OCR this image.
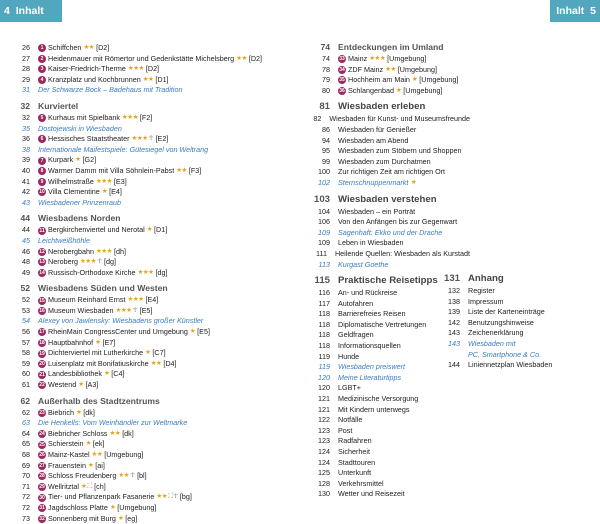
4 Inhalt	Inhalt 5
26	1 Schiffchen ★★ [D2]
27	2 Heidenmauer mit Römertor und Gedenkstätte Michelsberg ★★ [D2]
28	3 Kaiser-Friedrich-Therme ★★★ [D2]
29	4 Kranzplatz und Kochbrunnen ★★ [D1]
31	Der Schwarze Bock – Badehaus mit Tradition
32 Kurviertel
32	5 Kurhaus mit Spielbank ★★★ [F2]
35	Dostojewski in Wiesbaden
36	6 Hessisches Staatstheater ★★★ ☥ [E2]
38	Internationale Maifestspiele: Gütesiegel von Weltrang
39	7 Kurpark ★ [G2]
40	8 Warmer Damm mit Villa Söhnlein-Pabst ★★ [F3]
41	9 Wilhelmstraße ★★★ [E3]
42	10 Villa Clementine ★ [E4]
43	Wiesbadener Prinzenraub
44 Wiesbadens Norden
44	11 Bergkirchenviertel und Nerotal ★ [D1]
45	Leichtweißhöhle
46	12 Nerobergbahn ★★★ [dh]
48	13 Neroberg ★★★ ☥ [dg]
49	14 Russisch-Orthodoxe Kirche ★★★ [dg]
52 Wiesbadens Süden und Westen
52	15 Museum Reinhard Ernst ★★★ [E4]
53	16 Museum Wiesbaden ★★★ ☥ [E5]
54	Alexey von Jawlensky: Wiesbadens großer Künstler
56	17 RheinMain CongressCenter und Umgebung ★ [E5]
57	18 Hauptbahnhof ★ [E7]
58	19 Dichterviertel mit Lutherkirche ★ [C7]
59	20 Luisenplatz mit Bonifatiuskirche ★★ [D4]
60	21 Landesbibliothek ★ [C4]
61	22 Westend ★ [A3]
62 Außerhalb des Stadtzentrums
62	23 Biebrich ★ [dk]
63	Die Henkells: Vom Weinhändler zur Weltmarke
64	24 Biebricher Schloss ★★ [dk]
65	25 Schierstein ★ [ek]
68	26 Mainz-Kastel ★★ [Umgebung]
69	27 Frauenstein ★ [ai]
70	28 Schloss Freudenberg ★★ ☥ [bl]
71	29 Wellritztal ★ ⛶ [ch]
72	30 Tier- und Pflanzenpark Fasanerie ★★ ⛶☥ [bg]
72	31 Jagdschloss Platte ★ [Umgebung]
73	32 Sonnenberg mit Burg ★ [eg]
74 Entdeckungen im Umland
74	33 Mainz ★★★ [Umgebung]
78	34 ZDF Mainz ★★ [Umgebung]
79	35 Hochheim am Main ★ [Umgebung]
80	36 Schlangenbad ★ [Umgebung]
81 Wiesbaden erleben
82	Wiesbaden für Kunst- und Museumsfreunde
86	Wiesbaden für Genießer
94	Wiesbaden am Abend
95	Wiesbaden zum Stöbern und Shoppen
99	Wiesbaden zum Durchatmen
100	Zur richtigen Zeit am richtigen Ort
102	Sternschnuppenmarkt ★
103 Wiesbaden verstehen
104	Wiesbaden – ein Porträt
106	Von den Anfängen bis zur Gegenwart
109	Sagenhaft: Ekko und der Drache
109	Leben in Wiesbaden
111	Heilende Quellen: Wiesbaden als Kurstadt
113	Kurgast Goethe
115 Praktische Reisetipps
116	An- und Rückreise
117	Autofahren
118	Barrierefreies Reisen
118	Diplomatische Vertretungen
118	Geldfragen
118	Informationsquellen
119	Hunde
119	Wiesbaden preiswert
120	Meine Literaturtipps
120	LGBT+
121	Medizinische Versorgung
121	Mit Kindern unterwegs
122	Notfälle
123	Post
123	Radfahren
124	Sicherheit
124	Stadttouren
125	Unterkunft
128	Verkehrsmittel
130	Wetter und Reisezeit
131 Anhang
132	Register
138	Impressum
139	Liste der Karteneinträge
142	Benutzungshinweise
143	Zeichenerklärung
143	Wiesbaden mit
PC, Smartphone & Co.
144	Liniennetzplan Wiesbaden
